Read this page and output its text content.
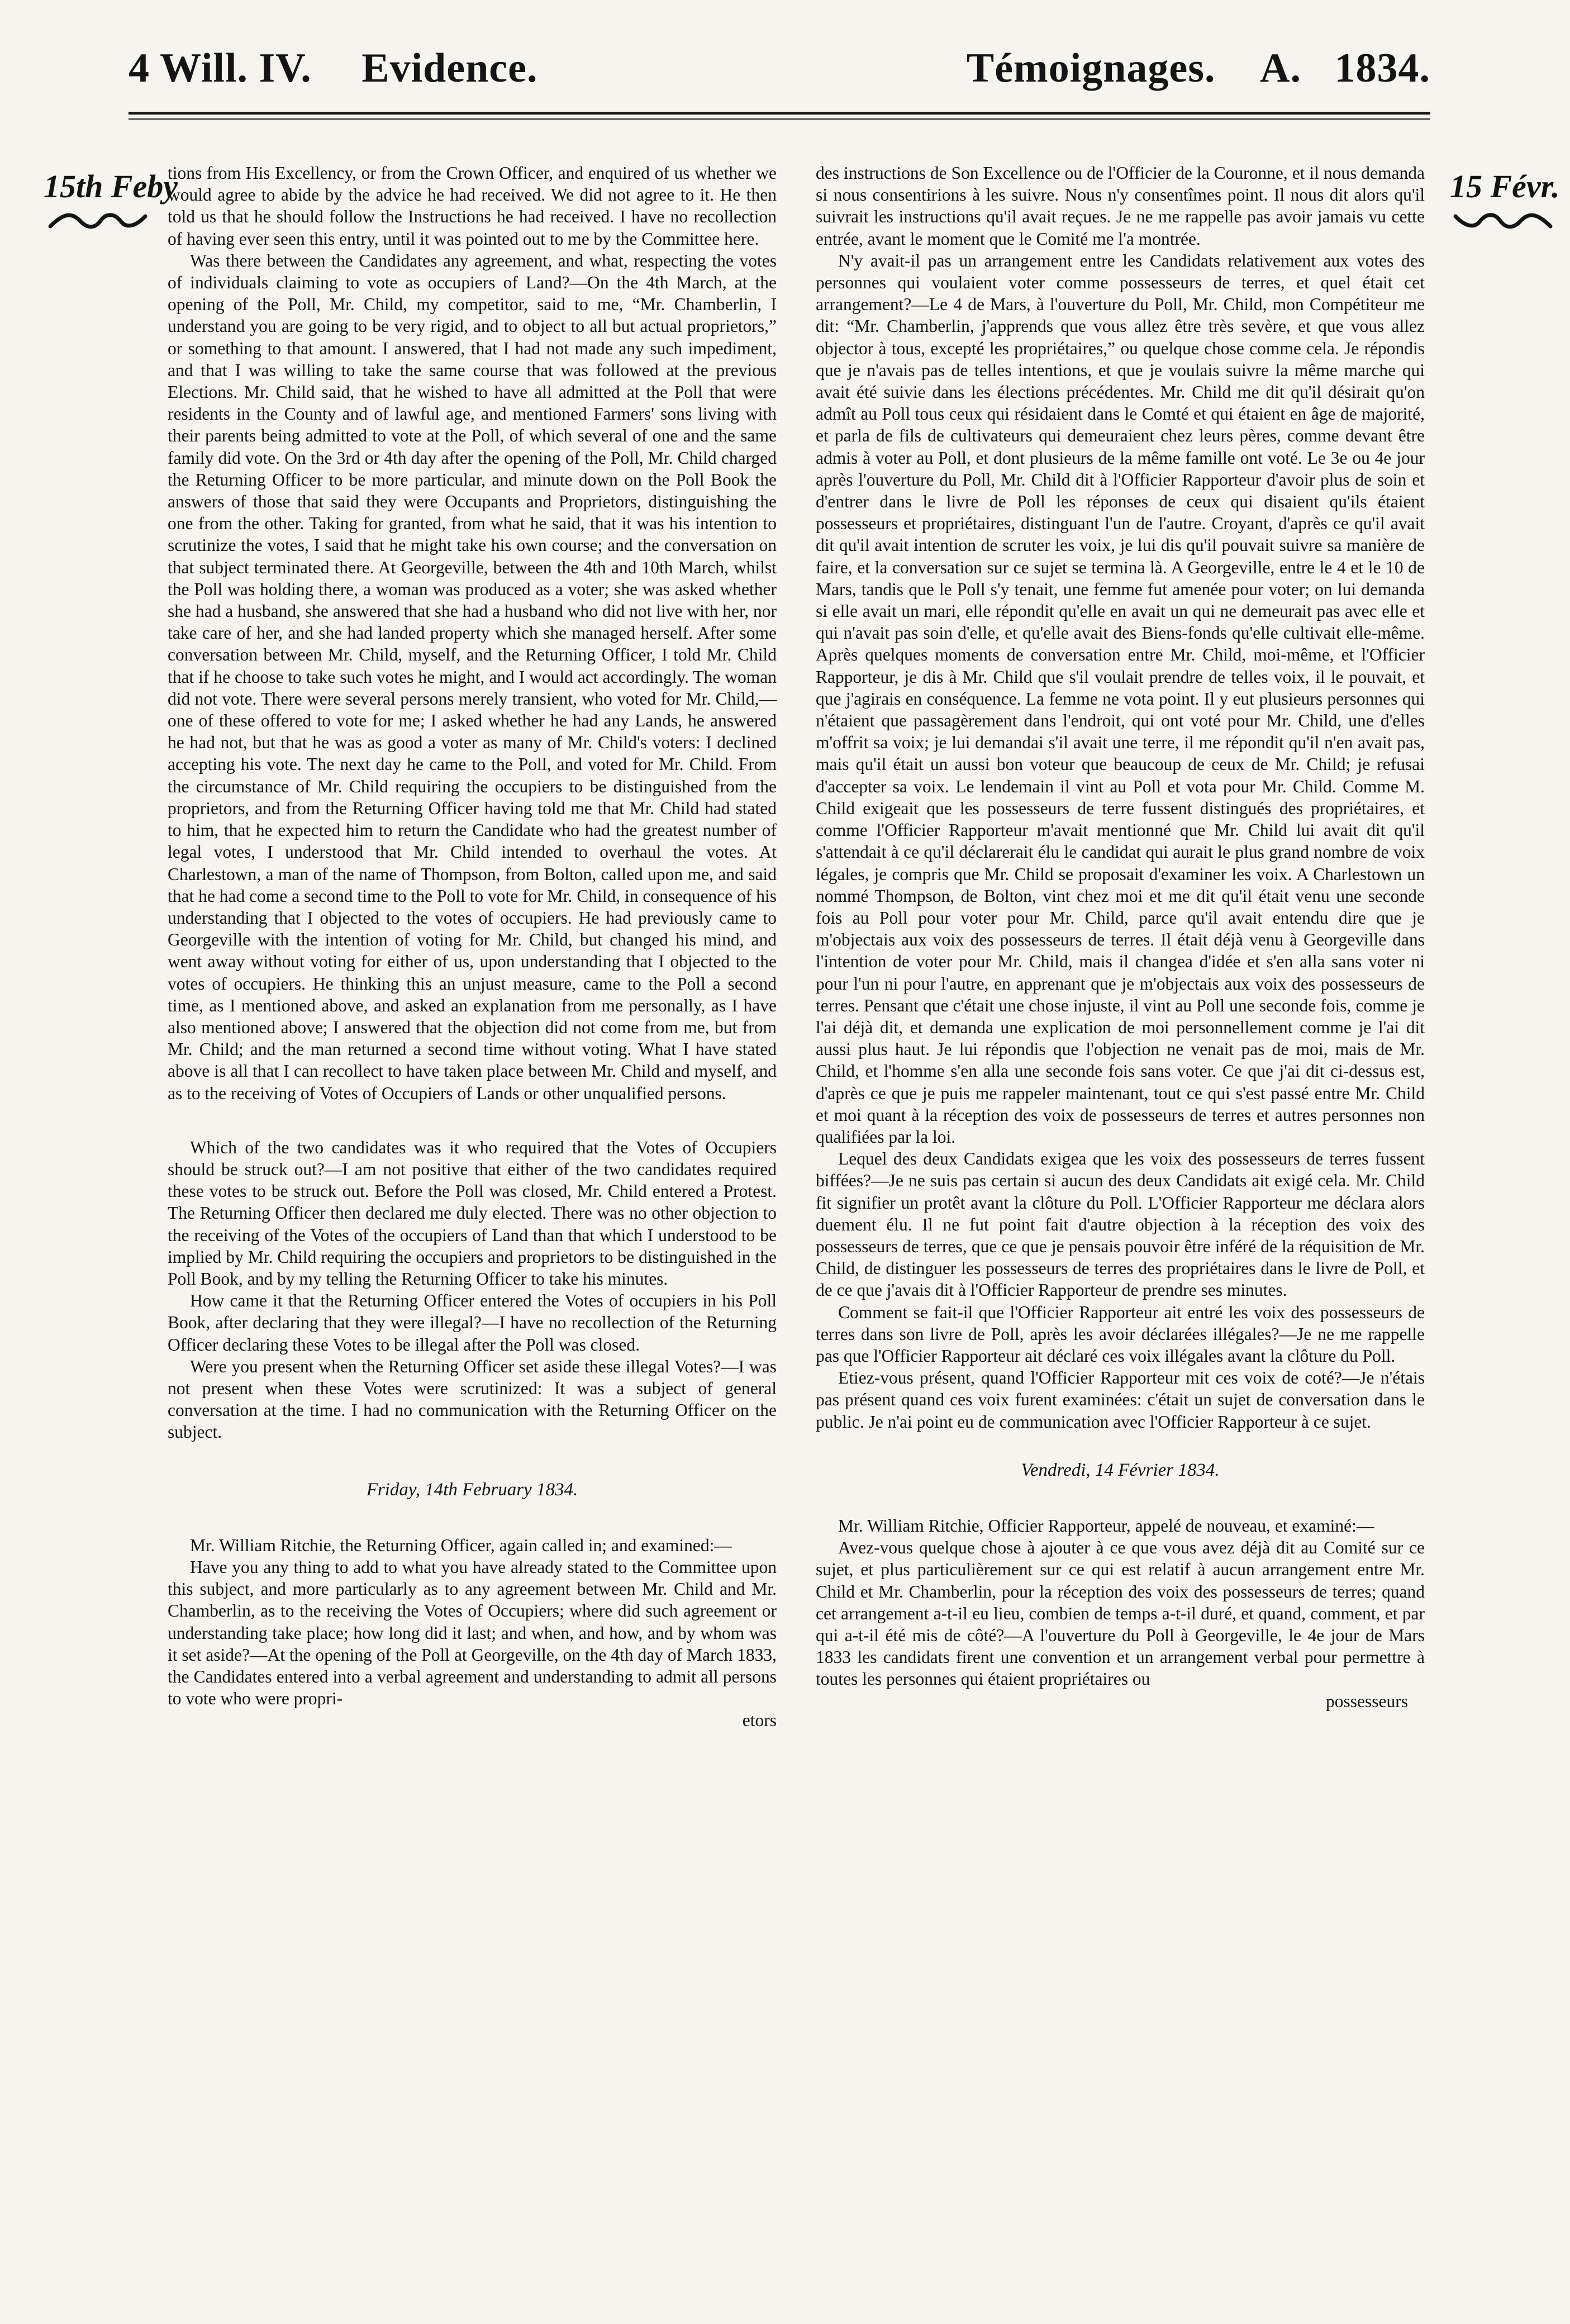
4 Will. IV. Evidence.	Témoignages. A. 1834.
15th Feby	15 Févr.

tions from His Excellency, or from the Crown Officer, and enquired of us whether we would agree to abide by the advice he had received. We did not agree to it. He then told us that he should follow the Instructions he had received. I have no recollection of having ever seen this entry, until it was pointed out to me by the Committee here.

Was there between the Candidates any agreement, and what, respecting the votes of individuals claiming to vote as occupiers of Land?—On the 4th March, at the opening of the Poll, Mr. Child, my competitor, said to me, “Mr. Chamberlin, I understand you are going to be very rigid, and to object to all but actual proprietors,” or something to that amount. I answered, that I had not made any such impediment, and that I was willing to take the same course that was followed at the previous Elections. Mr. Child said, that he wished to have all admitted at the Poll that were residents in the County and of lawful age, and mentioned Farmers' sons living with their parents being admitted to vote at the Poll, of which several of one and the same family did vote. On the 3rd or 4th day after the opening of the Poll, Mr. Child charged the Returning Officer to be more particular, and minute down on the Poll Book the answers of those that said they were Occupants and Proprietors, distinguishing the one from the other. Taking for granted, from what he said, that it was his intention to scrutinize the votes, I said that he might take his own course; and the conversation on that subject terminated there. At Georgeville, between the 4th and 10th March, whilst the Poll was holding there, a woman was produced as a voter; she was asked whether she had a husband, she answered that she had a husband who did not live with her, nor take care of her, and she had landed property which she managed herself. After some conversation between Mr. Child, myself, and the Returning Officer, I told Mr. Child that if he choose to take such votes he might, and I would act accordingly. The woman did not vote. There were several persons merely transient, who voted for Mr. Child,—one of these offered to vote for me; I asked whether he had any Lands, he answered he had not, but that he was as good a voter as many of Mr. Child's voters: I declined accepting his vote. The next day he came to the Poll, and voted for Mr. Child. From the circumstance of Mr. Child requiring the occupiers to be distinguished from the proprietors, and from the Returning Officer having told me that Mr. Child had stated to him, that he expected him to return the Candidate who had the greatest number of legal votes, I understood that Mr. Child intended to overhaul the votes. At Charlestown, a man of the name of Thompson, from Bolton, called upon me, and said that he had come a second time to the Poll to vote for Mr. Child, in consequence of his understanding that I objected to the votes of occupiers. He had previously came to Georgeville with the intention of voting for Mr. Child, but changed his mind, and went away without voting for either of us, upon understanding that I objected to the votes of occupiers. He thinking this an unjust measure, came to the Poll a second time, as I mentioned above, and asked an explanation from me personally, as I have also mentioned above; I answered that the objection did not come from me, but from Mr. Child; and the man returned a second time without voting. What I have stated above is all that I can recollect to have taken place between Mr. Child and myself, and as to the receiving of Votes of Occupiers of Lands or other unqualified persons.

Which of the two candidates was it who required that the Votes of Occupiers should be struck out?—I am not positive that either of the two candidates required these votes to be struck out. Before the Poll was closed, Mr. Child entered a Protest. The Returning Officer then declared me duly elected. There was no other objection to the receiving of the Votes of the occupiers of Land than that which I understood to be implied by Mr. Child requiring the occupiers and proprietors to be distinguished in the Poll Book, and by my telling the Returning Officer to take his minutes.

How came it that the Returning Officer entered the Votes of occupiers in his Poll Book, after declaring that they were illegal?—I have no recollection of the Returning Officer declaring these Votes to be illegal after the Poll was closed.

Were you present when the Returning Officer set aside these illegal Votes?—I was not present when these Votes were scrutinized: It was a subject of general conversation at the time. I had no communication with the Returning Officer on the subject.

Friday, 14th February 1834.

Mr. William Ritchie, the Returning Officer, again called in; and examined:—

Have you any thing to add to what you have already stated to the Committee upon this subject, and more particularly as to any agreement between Mr. Child and Mr. Chamberlin, as to the receiving the Votes of Occupiers; where did such agreement or understanding take place; how long did it last; and when, and how, and by whom was it set aside?—At the opening of the Poll at Georgeville, on the 4th day of March 1833, the Candidates entered into a verbal agreement and understanding to admit all persons to vote who were propri-

etors

des instructions de Son Excellence ou de l'Officier de la Couronne, et il nous demanda si nous consentirions à les suivre. Nous n'y consentîmes point. Il nous dit alors qu'il suivrait les instructions qu'il avait reçues. Je ne me rappelle pas avoir jamais vu cette entrée, avant le moment que le Comité me l'a montrée.

N'y avait-il pas un arrangement entre les Candidats relativement aux votes des personnes qui voulaient voter comme possesseurs de terres, et quel était cet arrangement?—Le 4 de Mars, à l'ouverture du Poll, Mr. Child, mon Compétiteur me dit: “Mr. Chamberlin, j'apprends que vous allez être très sevère, et que vous allez objector à tous, excepté les propriétaires,” ou quelque chose comme cela. Je répondis que je n'avais pas de telles intentions, et que je voulais suivre la même marche qui avait été suivie dans les élections précédentes. Mr. Child me dit qu'il désirait qu'on admît au Poll tous ceux qui résidaient dans le Comté et qui étaient en âge de majorité, et parla de fils de cultivateurs qui demeuraient chez leurs pères, comme devant être admis à voter au Poll, et dont plusieurs de la même famille ont voté. Le 3e ou 4e jour après l'ouverture du Poll, Mr. Child dit à l'Officier Rapporteur d'avoir plus de soin et d'entrer dans le livre de Poll les réponses de ceux qui disaient qu'ils étaient possesseurs et propriétaires, distinguant l'un de l'autre. Croyant, d'après ce qu'il avait dit qu'il avait intention de scruter les voix, je lui dis qu'il pouvait suivre sa manière de faire, et la conversation sur ce sujet se termina là. A Georgeville, entre le 4 et le 10 de Mars, tandis que le Poll s'y tenait, une femme fut amenée pour voter; on lui demanda si elle avait un mari, elle répondit qu'elle en avait un qui ne demeurait pas avec elle et qui n'avait pas soin d'elle, et qu'elle avait des Biens-fonds qu'elle cultivait elle-même. Après quelques moments de conversation entre Mr. Child, moi-même, et l'Officier Rapporteur, je dis à Mr. Child que s'il voulait prendre de telles voix, il le pouvait, et que j'agirais en conséquence. La femme ne vota point. Il y eut plusieurs personnes qui n'étaient que passagèrement dans l'endroit, qui ont voté pour Mr. Child, une d'elles m'offrit sa voix; je lui demandai s'il avait une terre, il me répondit qu'il n'en avait pas, mais qu'il était un aussi bon voteur que beaucoup de ceux de Mr. Child; je refusai d'accepter sa voix. Le lendemain il vint au Poll et vota pour Mr. Child. Comme M. Child exigeait que les possesseurs de terre fussent distingués des propriétaires, et comme l'Officier Rapporteur m'avait mentionné que Mr. Child lui avait dit qu'il s'attendait à ce qu'il déclarerait élu le candidat qui aurait le plus grand nombre de voix légales, je compris que Mr. Child se proposait d'examiner les voix. A Charlestown un nommé Thompson, de Bolton, vint chez moi et me dit qu'il était venu une seconde fois au Poll pour voter pour Mr. Child, parce qu'il avait entendu dire que je m'objectais aux voix des possesseurs de terres. Il était déjà venu à Georgeville dans l'intention de voter pour Mr. Child, mais il changea d'idée et s'en alla sans voter ni pour l'un ni pour l'autre, en apprenant que je m'objectais aux voix des possesseurs de terres. Pensant que c'était une chose injuste, il vint au Poll une seconde fois, comme je l'ai déjà dit, et demanda une explication de moi personnellement comme je l'ai dit aussi plus haut. Je lui répondis que l'objection ne venait pas de moi, mais de Mr. Child, et l'homme s'en alla une seconde fois sans voter. Ce que j'ai dit ci-dessus est, d'après ce que je puis me rappeler maintenant, tout ce qui s'est passé entre Mr. Child et moi quant à la réception des voix de possesseurs de terres et autres personnes non qualifiées par la loi.

Lequel des deux Candidats exigea que les voix des possesseurs de terres fussent biffées?—Je ne suis pas certain si aucun des deux Candidats ait exigé cela. Mr. Child fit signifier un protêt avant la clôture du Poll. L'Officier Rapporteur me déclara alors duement élu. Il ne fut point fait d'autre objection à la réception des voix des possesseurs de terres, que ce que je pensais pouvoir être inféré de la réquisition de Mr. Child, de distinguer les possesseurs de terres des propriétaires dans le livre de Poll, et de ce que j'avais dit à l'Officier Rapporteur de prendre ses minutes.

Comment se fait-il que l'Officier Rapporteur ait entré les voix des possesseurs de terres dans son livre de Poll, après les avoir déclarées illégales?—Je ne me rappelle pas que l'Officier Rapporteur ait déclaré ces voix illégales avant la clôture du Poll.

Etiez-vous présent, quand l'Officier Rapporteur mit ces voix de coté?—Je n'étais pas présent quand ces voix furent examinées: c'était un sujet de conversation dans le public. Je n'ai point eu de communication avec l'Officier Rapporteur à ce sujet.

Vendredi, 14 Février 1834.

Mr. William Ritchie, Officier Rapporteur, appelé de nouveau, et examiné:—

Avez-vous quelque chose à ajouter à ce que vous avez déjà dit au Comité sur ce sujet, et plus particulièrement sur ce qui est relatif à aucun arrangement entre Mr. Child et Mr. Chamberlin, pour la réception des voix des possesseurs de terres; quand cet arrangement a-t-il eu lieu, combien de temps a-t-il duré, et quand, comment, et par qui a-t-il été mis de côté?—A l'ouverture du Poll à Georgeville, le 4e jour de Mars 1833 les candidats firent une convention et un arrangement verbal pour permettre à toutes les personnes qui étaient propriétaires ou

possesseurs
